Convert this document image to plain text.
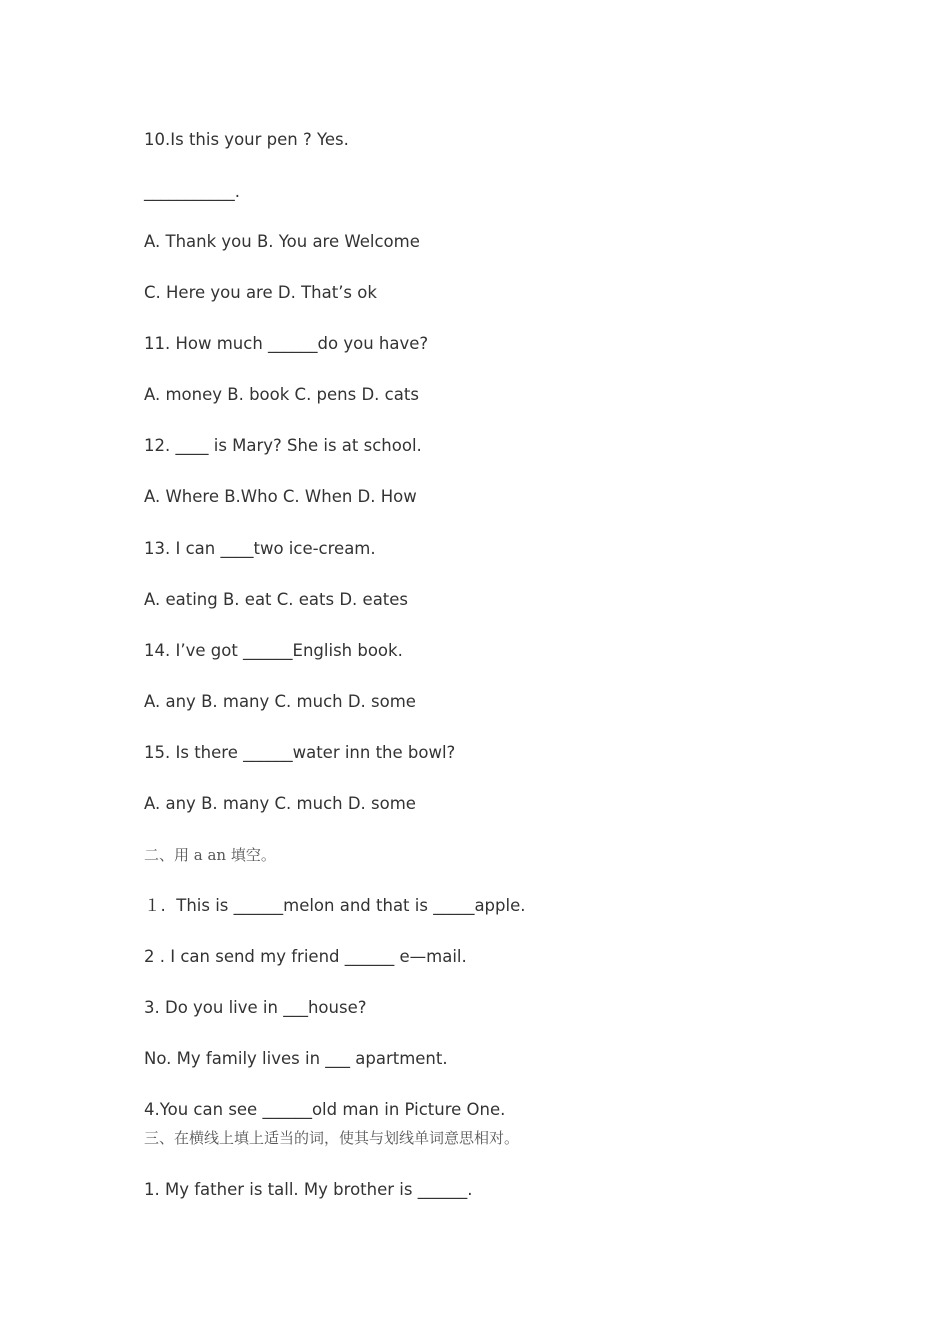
10.Is this your pen ? Yes.

___________.

A. Thank you B. You are Welcome

C. Here you are D. That’s ok

11. How much ______do you have?

A. money B. book C. pens D. cats

12. ____ is Mary? She is at school.

A. Where B.Who C. When D. How

13. I can ____two ice-cream.

A. eating B. eat C. eats D. eates

14. I’ve got ______English book.

A. any B. many C. much D. some

15. Is there ______water inn the bowl?

A. any B. many C. much D. some

二、用 a an 填空。

１.  This is ______melon and that is _____apple.

2 . I can send my friend ______ e—mail.

3. Do you live in ___house?

No. My family lives in ___ apartment.

4.You can see ______old man in Picture One.

三、在横线上填上适当的词，使其与划线单词意思相对。

1. My father is tall. My brother is ______.
